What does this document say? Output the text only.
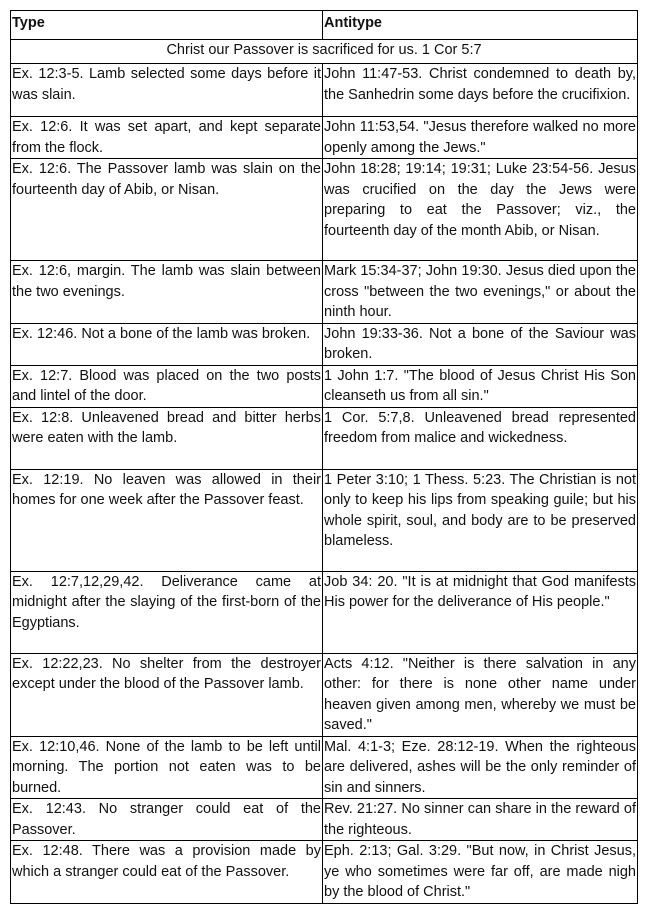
Type	Antitype
Christ our Passover is sacrificed for us. 1 Cor 5:7	
Ex. 12:3-5. Lamb selected some days before it was slain.	John 11:47-53. Christ condemned to death by, the Sanhedrin some days before the crucifixion.
Ex. 12:6. It was set apart, and kept separate from the flock.	John 11:53,54. "Jesus therefore walked no more openly among the Jews."
Ex. 12:6. The Passover lamb was slain on the fourteenth day of Abib, or Nisan.	John 18:28; 19:14; 19:31; Luke 23:54-56. Jesus was crucified on the day the Jews were preparing to eat the Passover; viz., the fourteenth day of the month Abib, or Nisan.
Ex. 12:6, margin. The lamb was slain between the two evenings.	Mark 15:34-37; John 19:30. Jesus died upon the cross "between the two evenings," or about the ninth hour.
Ex. 12:46. Not a bone of the lamb was broken.	John 19:33-36. Not a bone of the Saviour was broken.
Ex. 12:7. Blood was placed on the two posts and lintel of the door.	1 John 1:7. "The blood of Jesus Christ His Son cleanseth us from all sin."
Ex. 12:8. Unleavened bread and bitter herbs were eaten with the lamb.	1 Cor. 5:7,8. Unleavened bread represented freedom from malice and wickedness.
Ex. 12:19. No leaven was allowed in their homes for one week after the Passover feast.	1 Peter 3:10; 1 Thess. 5:23. The Christian is not only to keep his lips from speaking guile; but his whole spirit, soul, and body are to be preserved blameless.
Ex. 12:7,12,29,42. Deliverance came at midnight after the slaying of the first-born of the Egyptians.	Job 34: 20. "It is at midnight that God manifests His power for the deliverance of His people."
Ex. 12:22,23. No shelter from the destroyer except under the blood of the Passover lamb.	Acts 4:12. "Neither is there salvation in any other: for there is none other name under heaven given among men, whereby we must be saved."
Ex. 12:10,46. None of the lamb to be left until morning. The portion not eaten was to be burned.	Mal. 4:1-3; Eze. 28:12-19. When the righteous are delivered, ashes will be the only reminder of sin and sinners.
Ex. 12:43. No stranger could eat of the Passover.	Rev. 21:27. No sinner can share in the reward of the righteous.
Ex. 12:48. There was a provision made by which a stranger could eat of the Passover.	Eph. 2:13; Gal. 3:29. "But now, in Christ Jesus, ye who sometimes were far off, are made nigh by the blood of Christ."
